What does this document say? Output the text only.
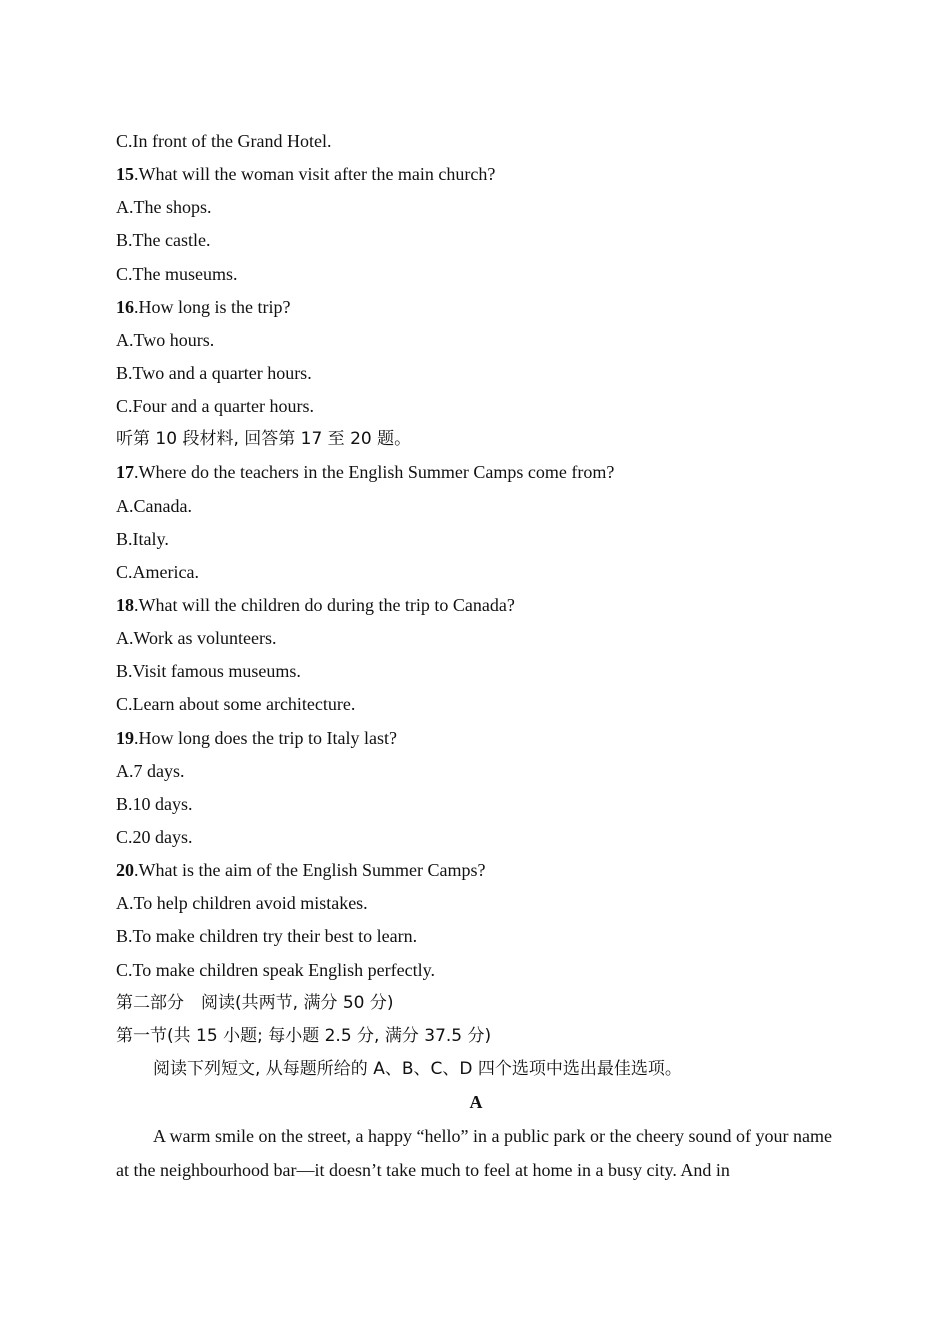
C.In front of the Grand Hotel.
15.What will the woman visit after the main church?
A.The shops.
B.The castle.
C.The museums.
16.How long is the trip?
A.Two hours.
B.Two and a quarter hours.
C.Four and a quarter hours.
听第 10 段材料, 回答第 17 至 20 题。
17.Where do the teachers in the English Summer Camps come from?
A.Canada.
B.Italy.
C.America.
18.What will the children do during the trip to Canada?
A.Work as volunteers.
B.Visit famous museums.
C.Learn about some architecture.
19.How long does the trip to Italy last?
A.7 days.
B.10 days.
C.20 days.
20.What is the aim of the English Summer Camps?
A.To help children avoid mistakes.
B.To make children try their best to learn.
C.To make children speak English perfectly.
第二部分　阅读(共两节, 满分 50 分)
第一节(共 15 小题; 每小题 2.5 分, 满分 37.5 分)
阅读下列短文, 从每题所给的 A、B、C、D 四个选项中选出最佳选项。
A

A warm smile on the street, a happy “hello” in a public park or the cheery sound of your name at the neighbourhood bar—it doesn’t take much to feel at home in a busy city. And in
